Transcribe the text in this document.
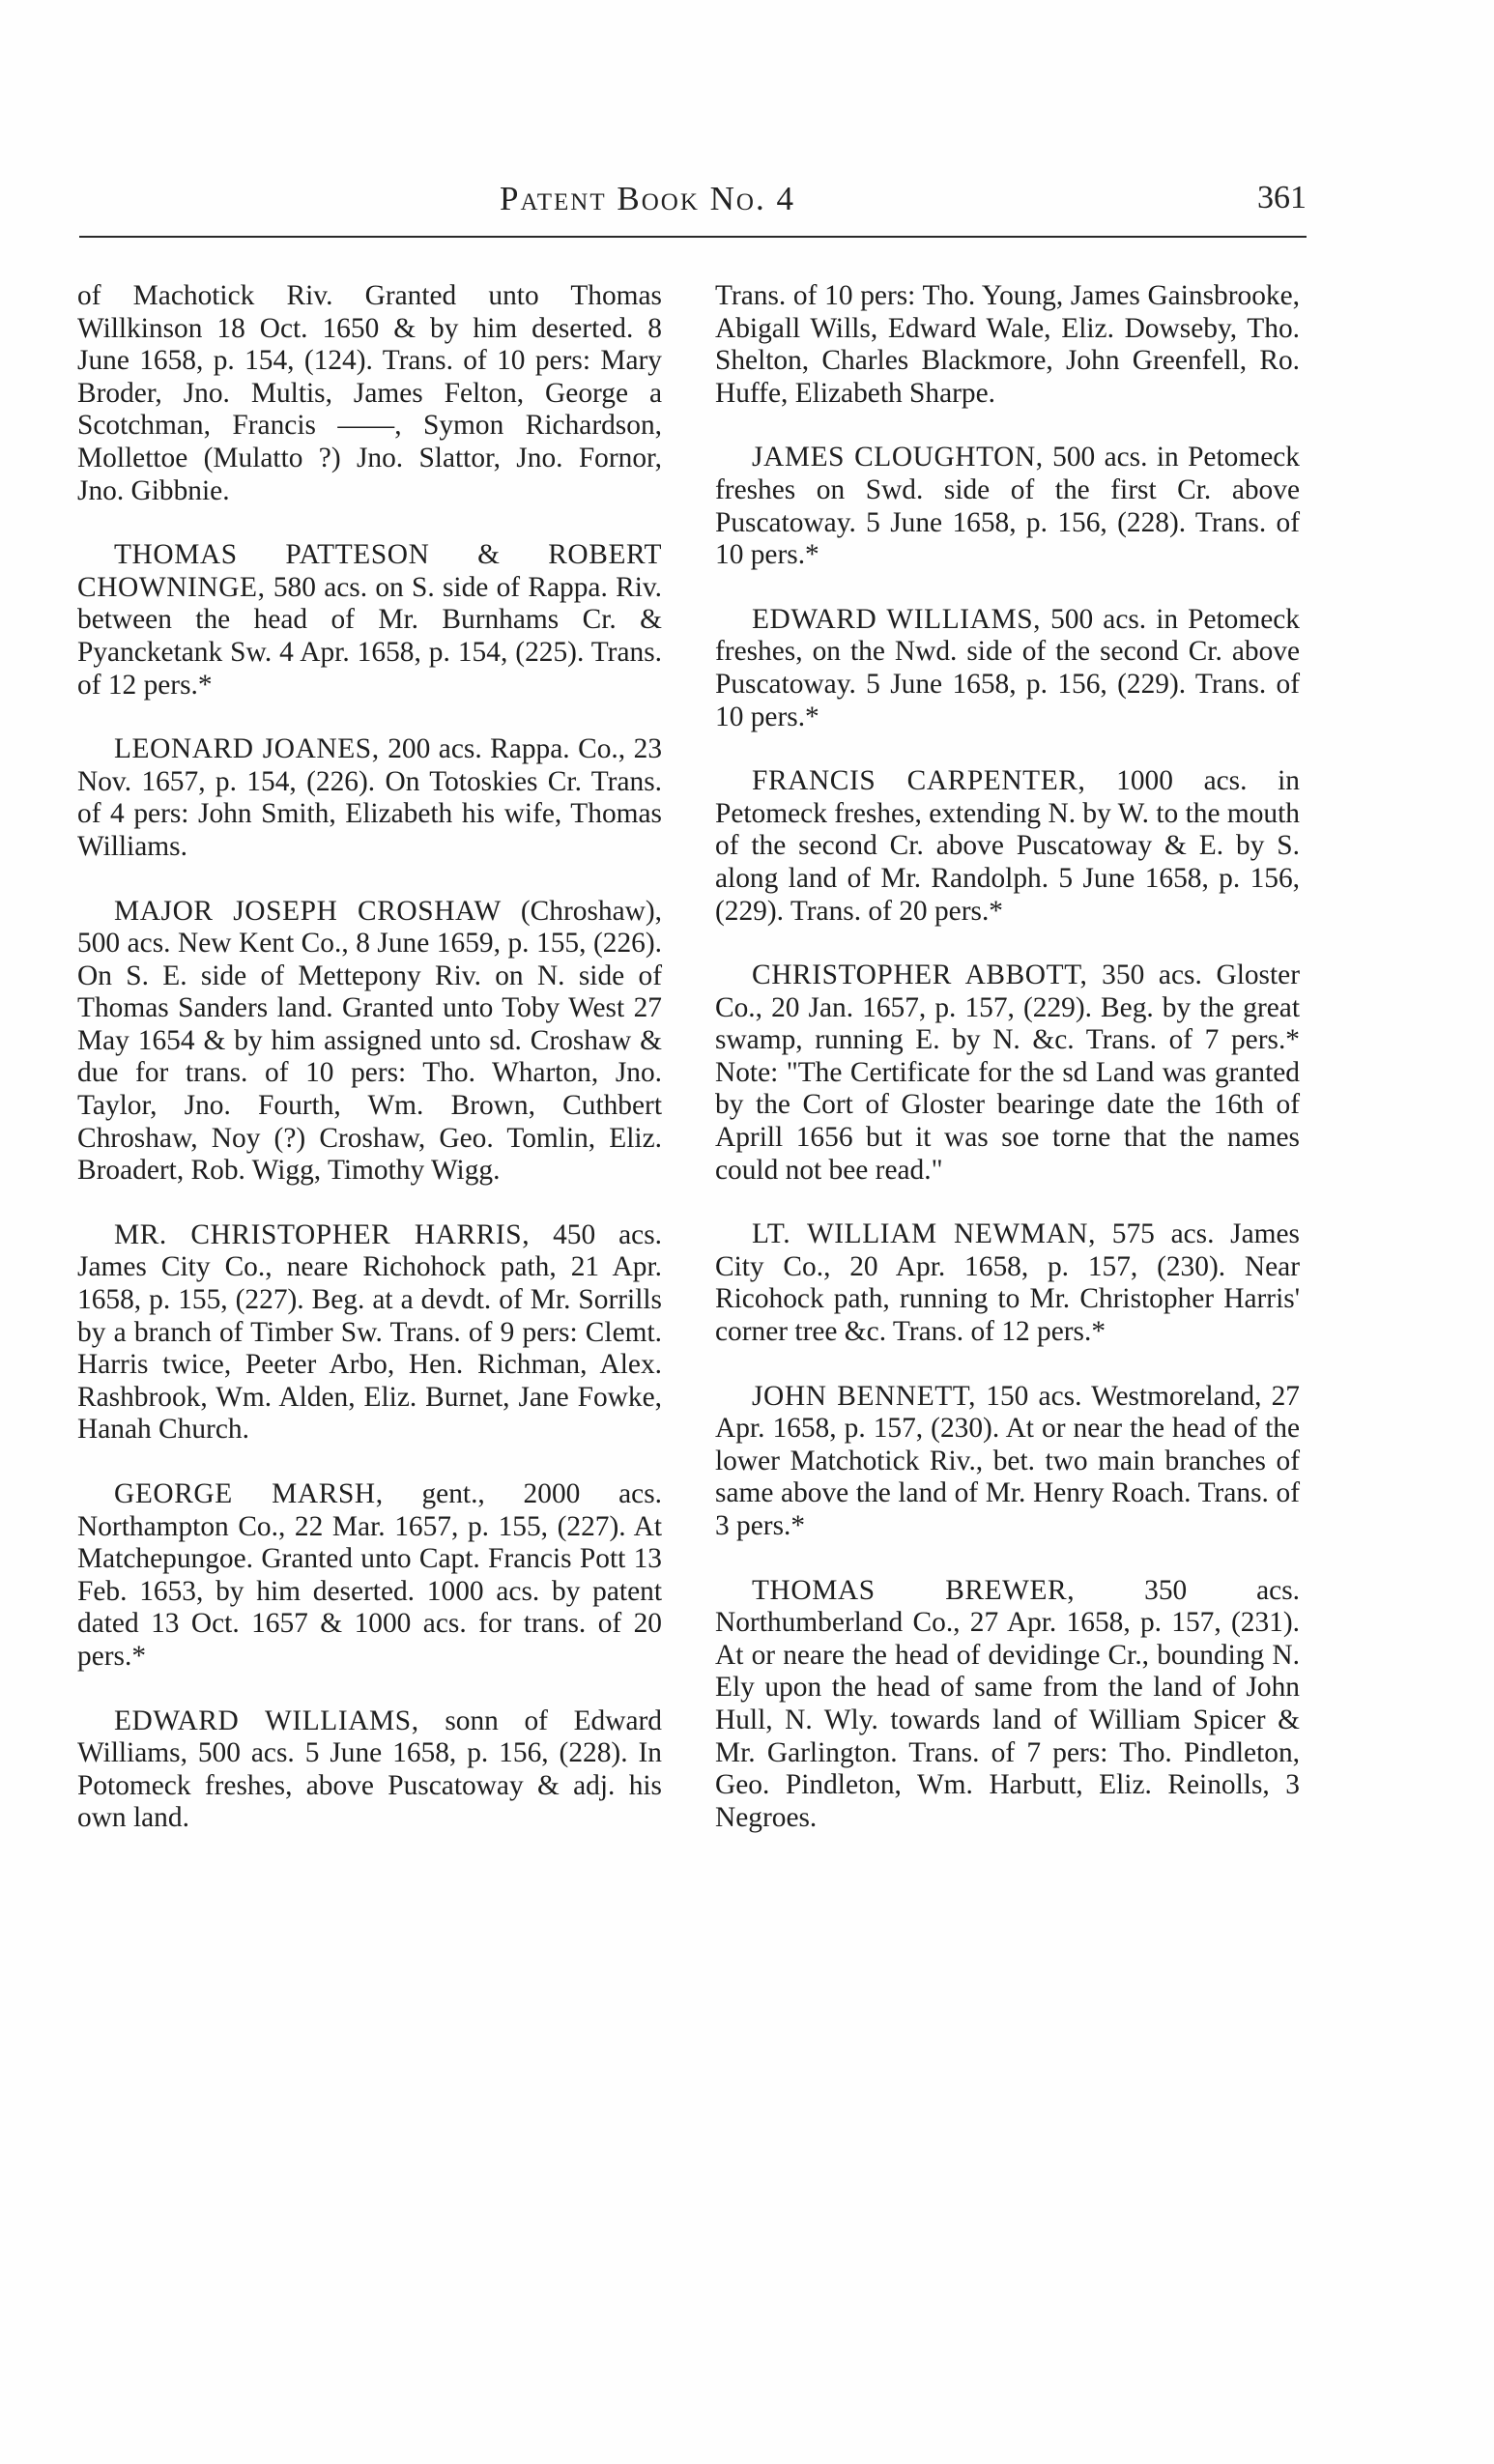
Patent Book No. 4	361

of Machotick Riv. Granted unto Thomas Willkinson 18 Oct. 1650 & by him deserted. 8 June 1658, p. 154, (124). Trans. of 10 pers: Mary Broder, Jno. Multis, James Felton, George a Scotchman, Francis ——, Symon Richardson, Mollettoe (Mulatto ?) Jno. Slattor, Jno. Fornor, Jno. Gibbnie.

THOMAS PATTESON & ROBERT CHOWNINGE, 580 acs. on S. side of Rappa. Riv. between the head of Mr. Burnhams Cr. & Pyancketank Sw. 4 Apr. 1658, p. 154, (225). Trans. of 12 pers.*

LEONARD JOANES, 200 acs. Rappa. Co., 23 Nov. 1657, p. 154, (226). On Totoskies Cr. Trans. of 4 pers: John Smith, Elizabeth his wife, Thomas Williams.

MAJOR JOSEPH CROSHAW (Chroshaw), 500 acs. New Kent Co., 8 June 1659, p. 155, (226). On S. E. side of Mettepony Riv. on N. side of Thomas Sanders land. Granted unto Toby West 27 May 1654 & by him assigned unto sd. Croshaw & due for trans. of 10 pers: Tho. Wharton, Jno. Taylor, Jno. Fourth, Wm. Brown, Cuthbert Chroshaw, Noy (?) Croshaw, Geo. Tomlin, Eliz. Broadert, Rob. Wigg, Timothy Wigg.

MR. CHRISTOPHER HARRIS, 450 acs. James City Co., neare Richohock path, 21 Apr. 1658, p. 155, (227). Beg. at a devdt. of Mr. Sorrills by a branch of Timber Sw. Trans. of 9 pers: Clemt. Harris twice, Peeter Arbo, Hen. Richman, Alex. Rashbrook, Wm. Alden, Eliz. Burnet, Jane Fowke, Hanah Church.

GEORGE MARSH, gent., 2000 acs. Northampton Co., 22 Mar. 1657, p. 155, (227). At Matchepungoe. Granted unto Capt. Francis Pott 13 Feb. 1653, by him deserted. 1000 acs. by patent dated 13 Oct. 1657 & 1000 acs. for trans. of 20 pers.*

EDWARD WILLIAMS, sonn of Edward Williams, 500 acs. 5 June 1658, p. 156, (228). In Potomeck freshes, above Puscatoway & adj. his own land.

Trans. of 10 pers: Tho. Young, James Gainsbrooke, Abigall Wills, Edward Wale, Eliz. Dowseby, Tho. Shelton, Charles Blackmore, John Greenfell, Ro. Huffe, Elizabeth Sharpe.

JAMES CLOUGHTON, 500 acs. in Petomeck freshes on Swd. side of the first Cr. above Puscatoway. 5 June 1658, p. 156, (228). Trans. of 10 pers.*

EDWARD WILLIAMS, 500 acs. in Petomeck freshes, on the Nwd. side of the second Cr. above Puscatoway. 5 June 1658, p. 156, (229). Trans. of 10 pers.*

FRANCIS CARPENTER, 1000 acs. in Petomeck freshes, extending N. by W. to the mouth of the second Cr. above Puscatoway & E. by S. along land of Mr. Randolph. 5 June 1658, p. 156, (229). Trans. of 20 pers.*

CHRISTOPHER ABBOTT, 350 acs. Gloster Co., 20 Jan. 1657, p. 157, (229). Beg. by the great swamp, running E. by N. &c. Trans. of 7 pers.* Note: "The Certificate for the sd Land was granted by the Cort of Gloster bearinge date the 16th of Aprill 1656 but it was soe torne that the names could not bee read."

LT. WILLIAM NEWMAN, 575 acs. James City Co., 20 Apr. 1658, p. 157, (230). Near Ricohock path, running to Mr. Christopher Harris' corner tree &c. Trans. of 12 pers.*

JOHN BENNETT, 150 acs. Westmoreland, 27 Apr. 1658, p. 157, (230). At or near the head of the lower Matchotick Riv., bet. two main branches of same above the land of Mr. Henry Roach. Trans. of 3 pers.*

THOMAS BREWER, 350 acs. Northumberland Co., 27 Apr. 1658, p. 157, (231). At or neare the head of devidinge Cr., bounding N. Ely upon the head of same from the land of John Hull, N. Wly. towards land of William Spicer & Mr. Garlington. Trans. of 7 pers: Tho. Pindleton, Geo. Pindleton, Wm. Harbutt, Eliz. Reinolls, 3 Negroes.
